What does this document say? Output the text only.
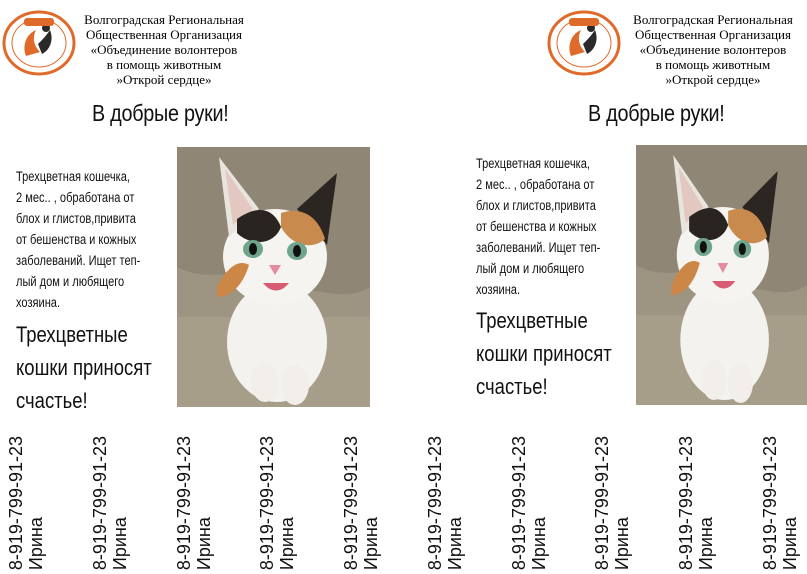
Волгоградская Региональная
Общественная Организация
«Объединение волонтеров
в помощь животным
»Открой сердце»
В добрые руки!
Трехцветная кошечка,
2 мес.. , обработана от
блох и глистов,привита
от бешенства и кожных
заболеваний. Ищет теп-
лый дом и любящего
хозяина.
Трехцветные
кошки приносят
счастье!
Волгоградская Региональная
Общественная Организация
«Объединение волонтеров
в помощь животным
»Открой сердце»
В добрые руки!
Трехцветная кошечка,
2 мес.. , обработана от
блох и глистов,привита
от бешенства и кожных
заболеваний. Ищет теп-
лый дом и любящего
хозяина.
Трехцветные
кошки приносят
счастье!
8-919-799-91-23 Ирина 8-919-799-91-23 Ирина 8-919-799-91-23 Ирина 8-919-799-91-23 Ирина 8-919-799-91-23 Ирина 8-919-799-91-23 Ирина 8-919-799-91-23 Ирина 8-919-799-91-23 Ирина 8-919-799-91-23 Ирина 8-919-799-91-23 Ирина
